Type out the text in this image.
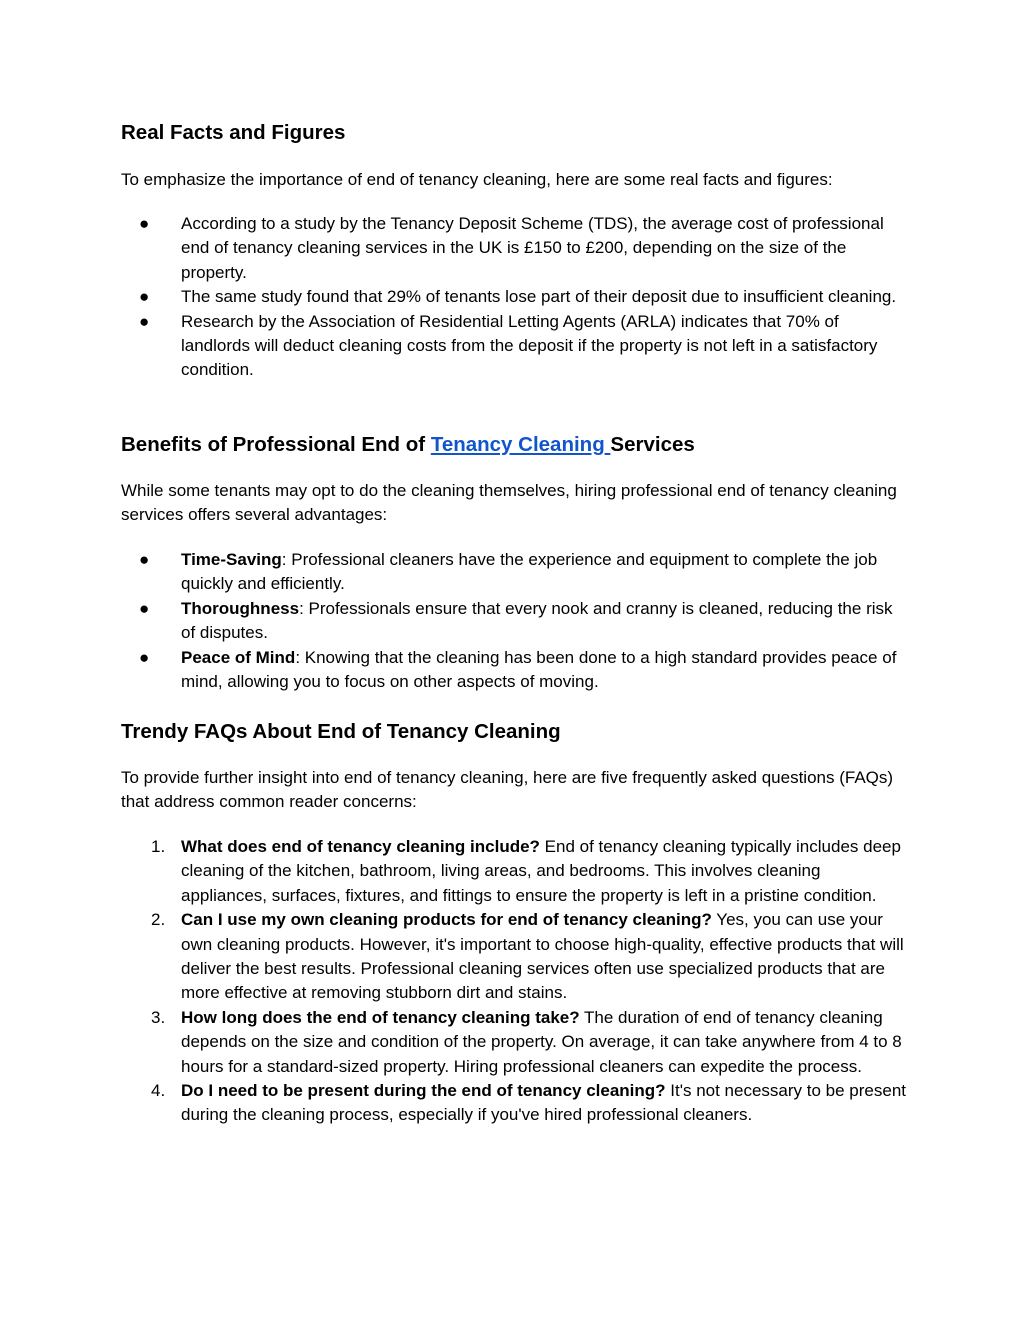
Real Facts and Figures

To emphasize the importance of end of tenancy cleaning, here are some real facts and figures:

●	According to a study by the Tenancy Deposit Scheme (TDS), the average cost of professional end of tenancy cleaning services in the UK is £150 to £200, depending on the size of the property.
●	The same study found that 29% of tenants lose part of their deposit due to insufficient cleaning.
●	Research by the Association of Residential Letting Agents (ARLA) indicates that 70% of landlords will deduct cleaning costs from the deposit if the property is not left in a satisfactory condition.
Benefits of Professional End of Tenancy Cleaning Services

While some tenants may opt to do the cleaning themselves, hiring professional end of tenancy cleaning services offers several advantages:

●	Time-Saving: Professional cleaners have the experience and equipment to complete the job quickly and efficiently.
●	Thoroughness: Professionals ensure that every nook and cranny is cleaned, reducing the risk of disputes.
●	Peace of Mind: Knowing that the cleaning has been done to a high standard provides peace of mind, allowing you to focus on other aspects of moving.
Trendy FAQs About End of Tenancy Cleaning

To provide further insight into end of tenancy cleaning, here are five frequently asked questions (FAQs) that address common reader concerns:

1. What does end of tenancy cleaning include? End of tenancy cleaning typically includes deep cleaning of the kitchen, bathroom, living areas, and bedrooms. This involves cleaning appliances, surfaces, fixtures, and fittings to ensure the property is left in a pristine condition.
2. Can I use my own cleaning products for end of tenancy cleaning? Yes, you can use your own cleaning products. However, it's important to choose high-quality, effective products that will deliver the best results. Professional cleaning services often use specialized products that are more effective at removing stubborn dirt and stains.
3. How long does the end of tenancy cleaning take? The duration of end of tenancy cleaning depends on the size and condition of the property. On average, it can take anywhere from 4 to 8 hours for a standard-sized property. Hiring professional cleaners can expedite the process.
4. Do I need to be present during the end of tenancy cleaning? It's not necessary to be present during the cleaning process, especially if you've hired professional cleaners.
